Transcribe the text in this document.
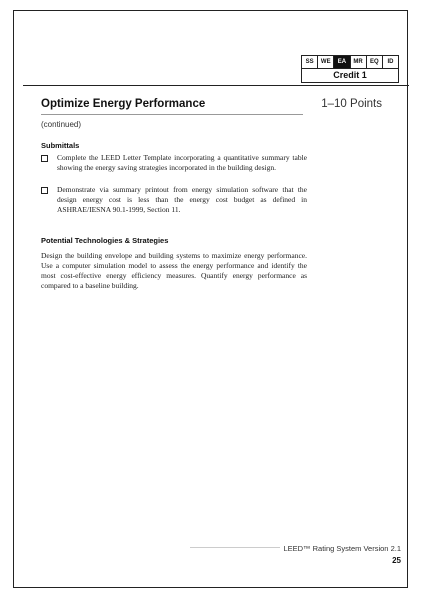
SS	WE	EA	MR	EQ	ID
Credit 1
Optimize Energy Performance	1–10 Points
(continued)
Submittals
Complete the LEED Letter Template incorporating a quantitative summary table showing the energy saving strategies incorporated in the building design.
Demonstrate via summary printout from energy simulation software that the design energy cost is less than the energy cost budget as defined in ASHRAE/IESNA 90.1-1999, Section 11.
Potential Technologies & Strategies
Design the building envelope and building systems to maximize energy performance. Use a computer simulation model to assess the energy performance and identify the most cost-effective energy efficiency measures. Quantify energy performance as compared to a baseline building.
LEED™ Rating System Version 2.1
25
